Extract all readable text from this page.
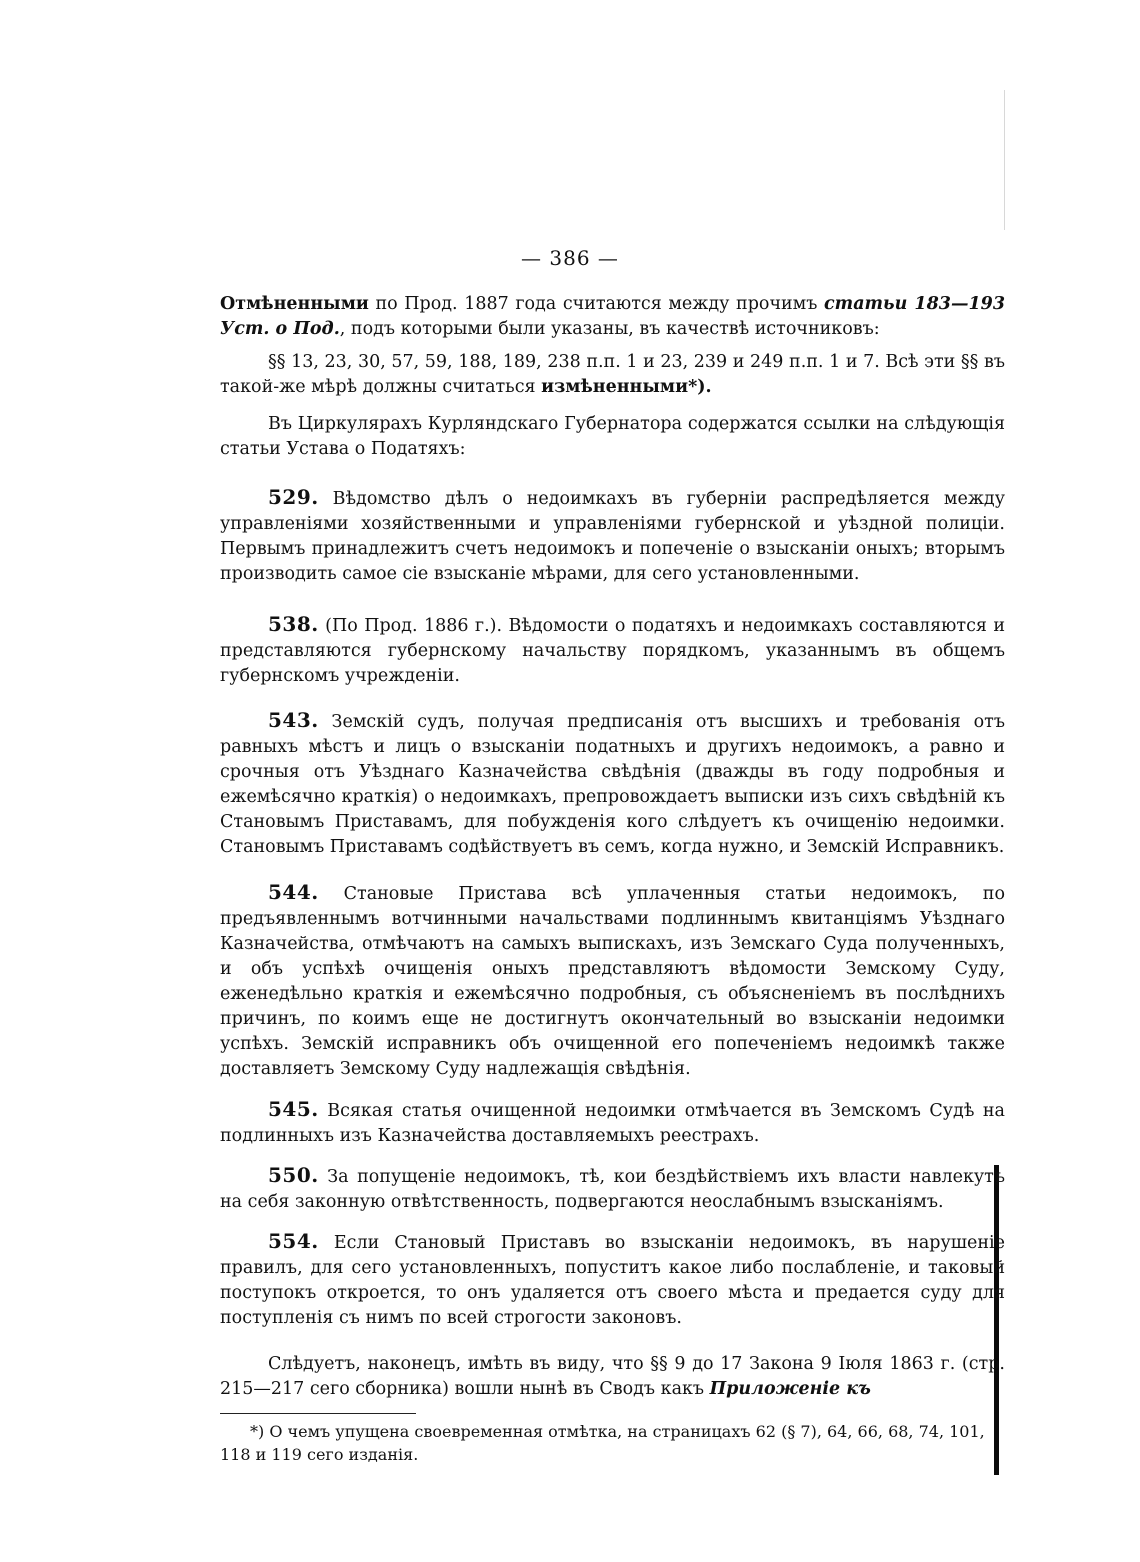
— 386 —

Отмѣненными по Прод. 1887 года считаются между прочимъ статьи 183—193 Уст. о Под., подъ которыми были указаны, въ качествѣ источниковъ:

§§ 13, 23, 30, 57, 59, 188, 189, 238 п.п. 1 и 23, 239 и 249 п.п. 1 и 7. Всѣ эти §§ въ такой-же мѣрѣ должны считаться измѣненными*).

Въ Циркулярахъ Курляндскаго Губернатора содержатся ссылки на слѣдующія статьи Устава о Податяхъ:

529. Вѣдомство дѣлъ о недоимкахъ въ губерніи распредѣляется между управленіями хозяйственными и управленіями губернской и уѣздной полиціи. Первымъ принадлежитъ счетъ недоимокъ и попеченіе о взысканіи оныхъ; вторымъ производить самое сіе взысканіе мѣрами, для сего установленными.

538. (По Прод. 1886 г.). Вѣдомости о податяхъ и недоимкахъ составляются и представляются губернскому начальству порядкомъ, указаннымъ въ общемъ губернскомъ учрежденіи.

543. Земскій судъ, получая предписанія отъ высшихъ и требованія отъ равныхъ мѣстъ и лицъ о взысканіи податныхъ и другихъ недоимокъ, а равно и срочныя отъ Уѣзднаго Казначейства свѣдѣнія (дважды въ году подробныя и ежемѣсячно краткія) о недоимкахъ, препровождаетъ выписки изъ сихъ свѣдѣній къ Становымъ Приставамъ, для побужденія кого слѣдуетъ къ очищенію недоимки. Становымъ Приставамъ содѣйствуетъ въ семъ, когда нужно, и Земскій Исправникъ.

544. Становые Пристава всѣ уплаченныя статьи недоимокъ, по предъявленнымъ вотчинными начальствами подлиннымъ квитанціямъ Уѣзднаго Казначейства, отмѣчаютъ на самыхъ выпискахъ, изъ Земскаго Суда полученныхъ, и объ успѣхѣ очищенія оныхъ представляютъ вѣдомости Земскому Суду, еженедѣльно краткія и ежемѣсячно подробныя, съ объясненіемъ въ послѣднихъ причинъ, по коимъ еще не достигнутъ окончательный во взысканіи недоимки успѣхъ. Земскій исправникъ объ очищенной его попеченіемъ недоимкѣ также доставляетъ Земскому Суду надлежащія свѣдѣнія.

545. Всякая статья очищенной недоимки отмѣчается въ Земскомъ Судѣ на подлинныхъ изъ Казначейства доставляемыхъ реестрахъ.

550. За попущеніе недоимокъ, тѣ, кои бездѣйствіемъ ихъ власти навлекутъ на себя законную отвѣтственность, подвергаются неослабнымъ взысканіямъ.

554. Если Становый Приставъ во взысканіи недоимокъ, въ нарушеніе правилъ, для сего установленныхъ, попуститъ какое либо послабленіе, и таковый поступокъ откроется, то онъ удаляется отъ своего мѣста и предается суду для поступленія съ нимъ по всей строгости законовъ.

Слѣдуетъ, наконецъ, имѣть въ виду, что §§ 9 до 17 Закона 9 Іюля 1863 г. (стр. 215—217 сего сборника) вошли нынѣ въ Сводъ какъ Приложеніе къ

*) О чемъ упущена своевременная отмѣтка, на страницахъ 62 (§ 7), 64, 66, 68, 74, 101, 118 и 119 сего изданія.
